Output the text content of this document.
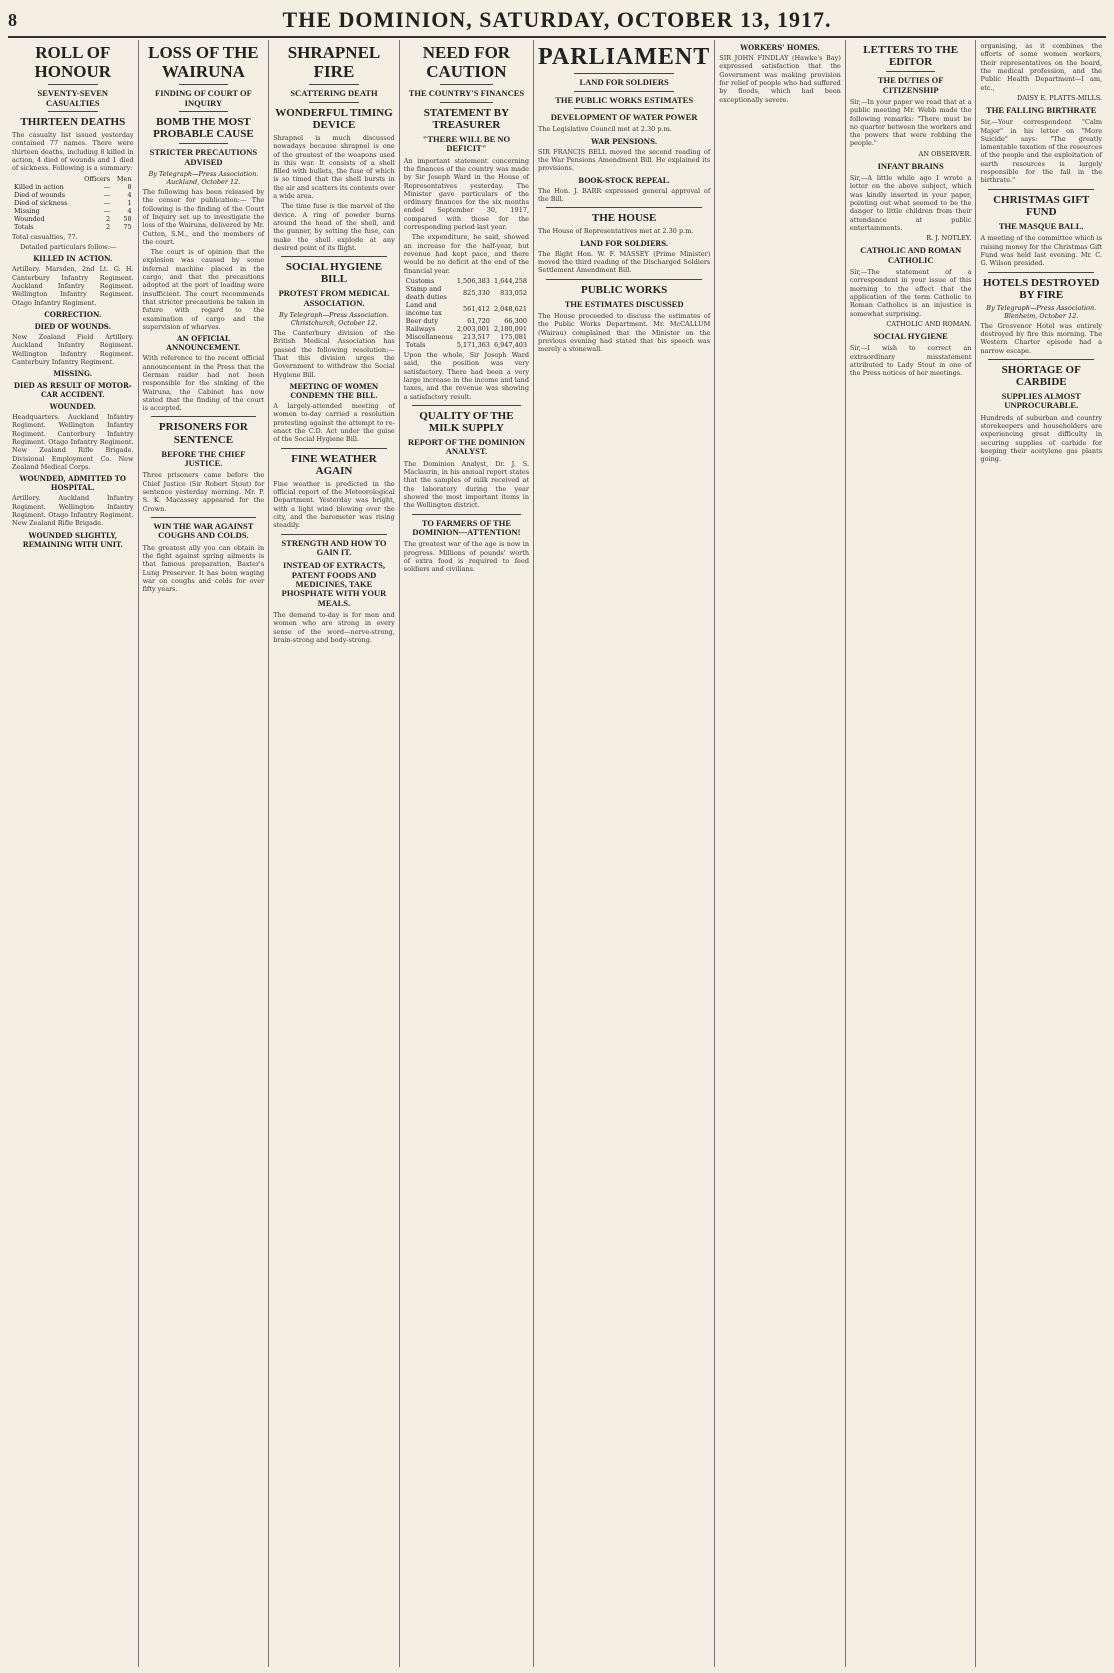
8	THE DOMINION, SATURDAY, OCTOBER 13, 1917.
ROLL OF HONOUR
SEVENTY-SEVEN CASUALTIES
THIRTEEN DEATHS

The casualty list issued yesterday contained 77 names. There were thirteen deaths, including 8 killed in action, 4 died of wounds and 1 died of sickness. Following is a summary:

	Officers	Men
Killed in action	—	8
Died of wounds	—	4
Died of sickness	—	1
Missing	—	4
Wounded	2	58
Totals	2	75

Total casualties, 77.

Detailed particulars follow:—

KILLED IN ACTION.

Artillery. Marsden, 2nd Lt. G. H. Canterbury Infantry Regiment. Auckland Infantry Regiment. Wellington Infantry Regiment. Otago Infantry Regiment.

CORRECTION.
DIED OF WOUNDS.

New Zealand Field Artillery. Auckland Infantry Regiment. Wellington Infantry Regiment. Canterbury Infantry Regiment.

MISSING.
DIED AS RESULT OF MOTOR-CAR ACCIDENT.
WOUNDED.

Headquarters. Auckland Infantry Regiment. Wellington Infantry Regiment. Canterbury Infantry Regiment. Otago Infantry Regiment. New Zealand Rifle Brigade. Divisional Employment Co. New Zealand Medical Corps.

WOUNDED, ADMITTED TO HOSPITAL.

Artillery. Auckland Infantry Regiment. Wellington Infantry Regiment. Otago Infantry Regiment. New Zealand Rifle Brigade.

WOUNDED SLIGHTLY, REMAINING WITH UNIT.
LOSS OF THE WAIRUNA
FINDING OF COURT OF INQUIRY
BOMB THE MOST PROBABLE CAUSE
STRICTER PRECAUTIONS ADVISED
By Telegraph—Press Association. Auckland, October 12.

The following has been released by the censor for publication:— The following is the finding of the Court of Inquiry set up to investigate the loss of the Wairuna, delivered by Mr. Cutten, S.M., and the members of the court.

The court is of opinion that the explosion was caused by some infernal machine placed in the cargo, and that the precautions adopted at the port of loading were insufficient. The court recommends that stricter precautions be taken in future with regard to the examination of cargo and the supervision of wharves.

AN OFFICIAL ANNOUNCEMENT.

With reference to the recent official announcement in the Press that the German raider had not been responsible for the sinking of the Wairuna, the Cabinet has now stated that the finding of the court is accepted.

PRISONERS FOR SENTENCE
BEFORE THE CHIEF JUSTICE.

Three prisoners came before the Chief Justice (Sir Robert Stout) for sentence yesterday morning. Mr. P. S. K. Macassey appeared for the Crown.

WIN THE WAR AGAINST COUGHS AND COLDS.

The greatest ally you can obtain in the fight against spring ailments is that famous preparation, Baxter's Lung Preserver. It has been waging war on coughs and colds for over fifty years.

SHRAPNEL FIRE
SCATTERING DEATH
WONDERFUL TIMING DEVICE

Shrapnel is much discussed nowadays because shrapnel is one of the greatest of the weapons used in this war. It consists of a shell filled with bullets, the fuse of which is so timed that the shell bursts in the air and scatters its contents over a wide area.

The time fuse is the marvel of the device. A ring of powder burns around the head of the shell, and the gunner, by setting the fuse, can make the shell explode at any desired point of its flight.

SOCIAL HYGIENE BILL
PROTEST FROM MEDICAL ASSOCIATION.
By Telegraph—Press Association. Christchurch, October 12.

The Canterbury division of the British Medical Association has passed the following resolution:—That this division urges the Government to withdraw the Social Hygiene Bill.

MEETING OF WOMEN CONDEMN THE BILL.

A largely-attended meeting of women to-day carried a resolution protesting against the attempt to re-enact the C.D. Act under the guise of the Social Hygiene Bill.

FINE WEATHER AGAIN

Fine weather is predicted in the official report of the Meteorological Department. Yesterday was bright, with a light wind blowing over the city, and the barometer was rising steadily.

STRENGTH AND HOW TO GAIN IT.
INSTEAD OF EXTRACTS, PATENT FOODS AND MEDICINES, TAKE PHOSPHATE WITH YOUR MEALS.

The demand to-day is for men and women who are strong in every sense of the word—nerve-strong, brain-strong and body-strong.

NEED FOR CAUTION
THE COUNTRY'S FINANCES
STATEMENT BY TREASURER
"THERE WILL BE NO DEFICIT"

An important statement concerning the finances of the country was made by Sir Joseph Ward in the House of Representatives yesterday. The Minister gave particulars of the ordinary finances for the six months ended September 30, 1917, compared with those for the corresponding period last year.

The expenditure, he said, showed an increase for the half-year, but revenue had kept pace, and there would be no deficit at the end of the financial year.

Customs	1,506,383	1,644,258
Stamp and death duties	825,330	833,052
Land and income tax	561,412	2,048,621
Beer duty	61,720	66,300
Railways	2,003,001	2,180,091
Miscellaneous	213,517	175,081
Totals	5,171,363	6,947,403

Upon the whole, Sir Joseph Ward said, the position was very satisfactory. There had been a very large increase in the income and land taxes, and the revenue was showing a satisfactory result.

QUALITY OF THE MILK SUPPLY
REPORT OF THE DOMINION ANALYST.

The Dominion Analyst, Dr. J. S. Maclaurin, in his annual report states that the samples of milk received at the laboratory during the year showed the most important items in the Wellington district.

TO FARMERS OF THE DOMINION—ATTENTION!

The greatest war of the age is now in progress. Millions of pounds' worth of extra food is required to feed soldiers and civilians.

PARLIAMENT
LAND FOR SOLDIERS
THE PUBLIC WORKS ESTIMATES
DEVELOPMENT OF WATER POWER

The Legislative Council met at 2.30 p.m.

WAR PENSIONS.

SIR FRANCIS BELL moved the second reading of the War Pensions Amendment Bill. He explained its provisions.

BOOK-STOCK REPEAL.

The Hon. J. BARR expressed general approval of the Bill.

THE HOUSE

The House of Representatives met at 2.30 p.m.

LAND FOR SOLDIERS.

The Right Hon. W. F. MASSEY (Prime Minister) moved the third reading of the Discharged Soldiers Settlement Amendment Bill.

PUBLIC WORKS
THE ESTIMATES DISCUSSED

The House proceeded to discuss the estimates of the Public Works Department. Mr. McCALLUM (Wairau) complained that the Minister on the previous evening had stated that his speech was merely a stonewall.

WORKERS' HOMES.

SIR JOHN FINDLAY (Hawke's Bay) expressed satisfaction that the Government was making provision for relief of people who had suffered by floods, which had been exceptionally severe.

LETTERS TO THE EDITOR
THE DUTIES OF CITIZENSHIP

Sir,—In your paper we read that at a public meeting Mr. Webb made the following remarks: "There must be no quarter between the workers and the powers that were robbing the people."

AN OBSERVER.
INFANT BRAINS

Sir,—A little while ago I wrote a letter on the above subject, which was kindly inserted in your paper, pointing out what seemed to be the danger to little children from their attendance at public entertainments.

R. J. NOTLEY.
CATHOLIC AND ROMAN CATHOLIC

Sir,—The statement of a correspondent in your issue of this morning to the effect that the application of the term Catholic to Roman Catholics is an injustice is somewhat surprising.

CATHOLIC AND ROMAN.
SOCIAL HYGIENE

Sir,—I wish to correct an extraordinary misstatement attributed to Lady Stout in one of the Press notices of her meetings.

organising, as it combines the efforts of some women workers, their representatives on the board, the medical profession, and the Public Health Department—I am, etc.,

DAISY E. PLATTS-MILLS.
THE FALLING BIRTHRATE

Sir,—Your correspondent "Calm Major" in his letter on "More Suicide" says: "The greatly lamentable taxation of the resources of the people and the exploitation of earth resources is largely responsible for the fall in the birthrate."

CHRISTMAS GIFT FUND
THE MASQUE BALL.

A meeting of the committee which is raising money for the Christmas Gift Fund was held last evening. Mr. C. G. Wilson presided.

HOTELS DESTROYED BY FIRE
By Telegraph—Press Association. Blenheim, October 12.

The Grosvenor Hotel was entirely destroyed by fire this morning. The Western Charter episode had a narrow escape.

SHORTAGE OF CARBIDE
SUPPLIES ALMOST UNPROCURABLE.

Hundreds of suburban and country storekeepers and householders are experiencing great difficulty in securing supplies of carbide for keeping their acetylene gas plants going.
